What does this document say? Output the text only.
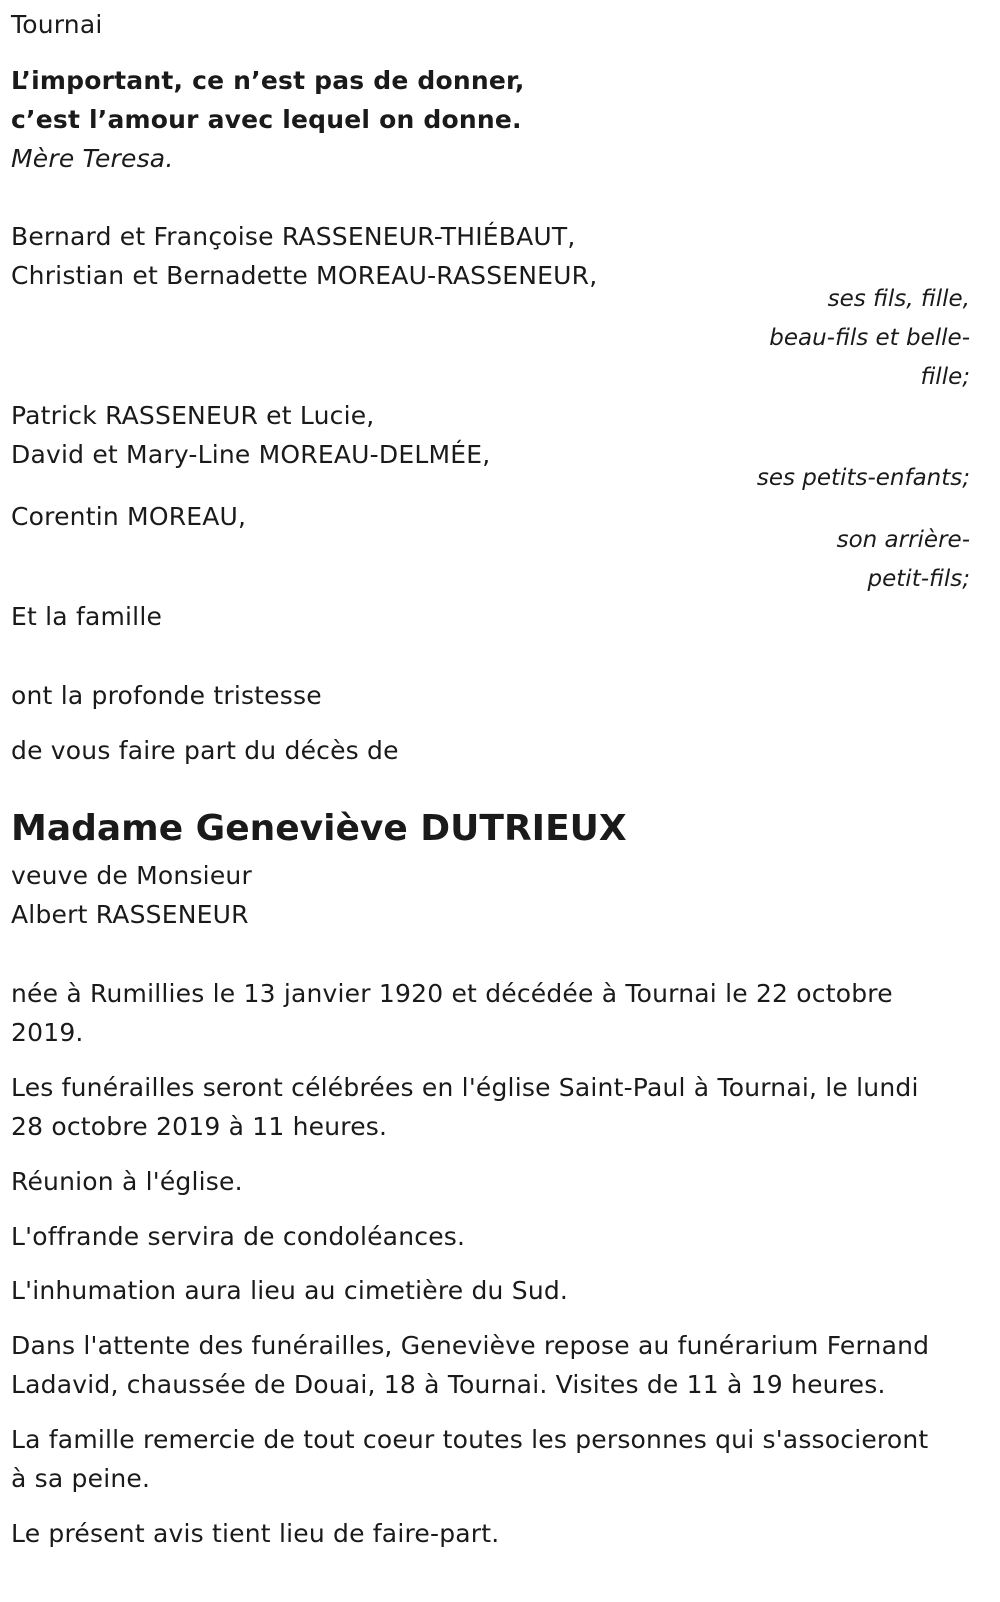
Tournai
L’important, ce n’est pas de donner,
c’est l’amour avec lequel on donne.
Mère Teresa.
Bernard et Françoise RASSENEUR-THIÉBAUT,
Christian et Bernadette MOREAU-RASSENEUR,
ses fils, fille,
beau-fils et belle-
fille;
Patrick RASSENEUR et Lucie,
David et Mary-Line MOREAU-DELMÉE,
ses petits-enfants;
Corentin MOREAU,
son arrière-
petit-fils;
Et la famille
ont la profonde tristesse
de vous faire part du décès de
Madame Geneviève DUTRIEUX
veuve de Monsieur
Albert RASSENEUR
née à Rumillies le 13 janvier 1920 et décédée à Tournai le 22 octobre
2019.
Les funérailles seront célébrées en l'église Saint-Paul à Tournai, le lundi
28 octobre 2019 à 11 heures.
Réunion à l'église.
L'offrande servira de condoléances.
L'inhumation aura lieu au cimetière du Sud.
Dans l'attente des funérailles, Geneviève repose au funérarium Fernand
Ladavid, chaussée de Douai, 18 à Tournai. Visites de 11 à 19 heures.
La famille remercie de tout coeur toutes les personnes qui s'associeront
à sa peine.
Le présent avis tient lieu de faire-part.
